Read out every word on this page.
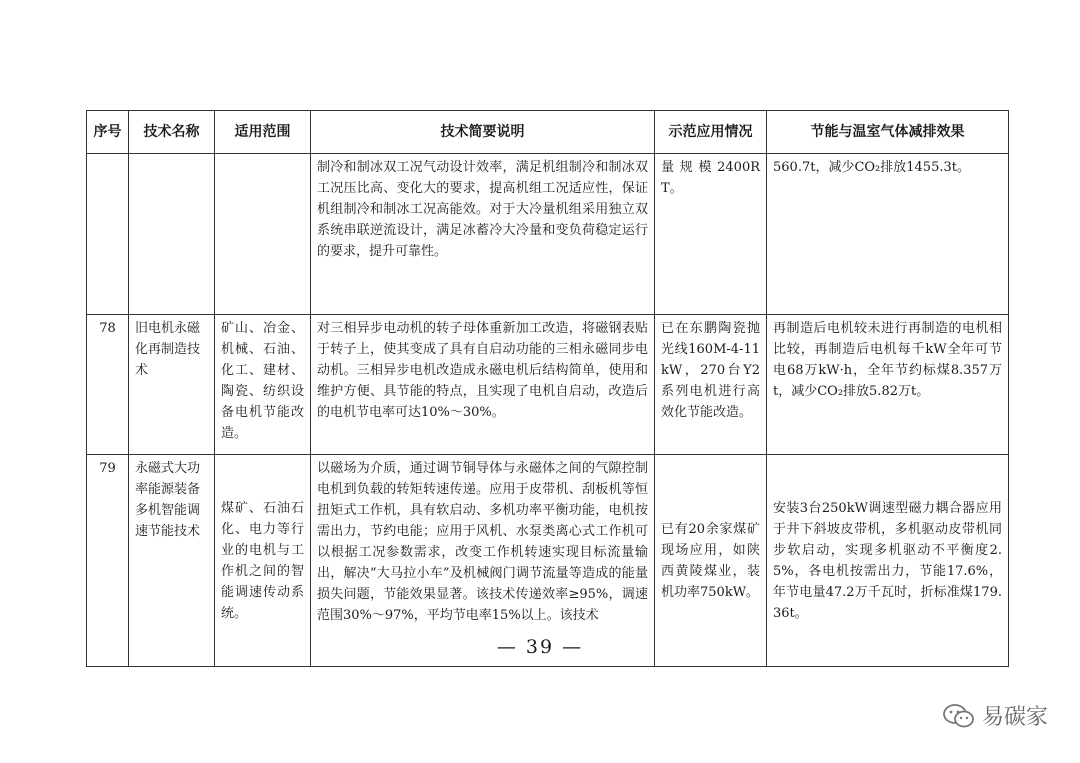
序号	技术名称	适用范围	技术简要说明	示范应用情况	节能与温室气体减排效果
			制冷和制冰双工况气动设计效率，满足机组制冷和制冰双工况压比高、变化大的要求，提高机组工况适应性，保证机组制冷和制冰工况高能效。对于大冷量机组采用独立双系统串联逆流设计，满足冰蓄冷大冷量和变负荷稳定运行的要求，提升可靠性。	量规模2400RT。	560.7t，减少CO₂排放1455.3t。
78	旧电机永磁化再制造技术	矿山、冶金、机械、石油、化工、建材、陶瓷、纺织设备电机节能改造。	对三相异步电动机的转子母体重新加工改造，将磁钢表贴于转子上，使其变成了具有自启动功能的三相永磁同步电动机。三相异步电机改造成永磁电机后结构简单，使用和维护方便、具节能的特点，且实现了电机自启动，改造后的电机节电率可达10%～30%。	已在东鹏陶瓷抛光线160M-4-11kW，270台Y2系列电机进行高效化节能改造。	再制造后电机较未进行再制造的电机相比较，再制造后电机每千kW全年可节电68万kW·h，全年节约标煤8.357万t，减少CO₂排放5.82万t。
79	永磁式大功率能源装备多机智能调速节能技术	煤矿、石油石化、电力等行业的电机与工作机之间的智能调速传动系统。	以磁场为介质，通过调节铜导体与永磁体之间的气隙控制电机到负载的转矩转速传递。应用于皮带机、刮板机等恒扭矩式工作机，具有软启动、多机功率平衡功能，电机按需出力，节约电能；应用于风机、水泵类离心式工作机可以根据工况参数需求，改变工作机转速实现目标流量输出，解决“大马拉小车”及机械阀门调节流量等造成的能量损失问题，节能效果显著。该技术传递效率≥95%，调速范围30%～97%，平均节电率15%以上。该技术	已有20余家煤矿现场应用，如陕西黄陵煤业，装机功率750kW。	安装3台250kW调速型磁力耦合器应用于井下斜坡皮带机，多机驱动皮带机同步软启动，实现多机驱动不平衡度2.5%，各电机按需出力，节能17.6%，年节电量47.2万千瓦时，折标准煤179.36t。
— 39 —
易碳家
